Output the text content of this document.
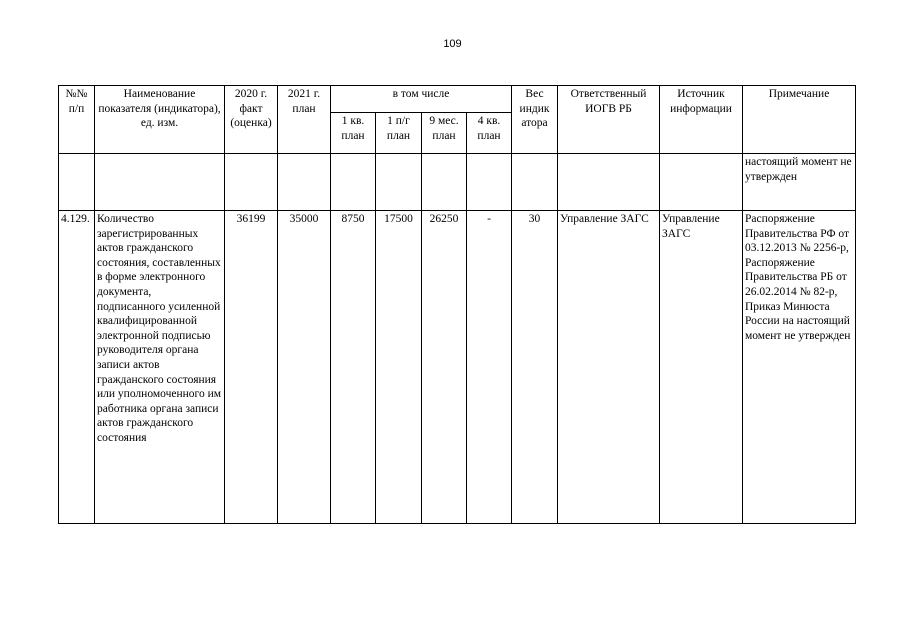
109
№№ п/п	Наименование показателя (индикатора), ед. изм.	2020 г. факт (оценка)	2021 г. план	в том числе				Вес индик атора	Ответственный ИОГВ РБ	Источник информации	Примечание
				1 кв. план	1 п/г план	9 мес. план	4 кв. план				
											настоящий момент не утвержден
4.129.	Количество зарегистрированных актов гражданского состояния, составленных в форме электронного документа, подписанного усиленной квалифицированной электронной подписью руководителя органа записи актов гражданского состояния или уполномоченного им работника органа записи актов гражданского состояния	36199	35000	8750	17500	26250	-	30	Управление ЗАГС	Управление ЗАГС	Распоряжение Правительства РФ от 03.12.2013 № 2256-р, Распоряжение Правительства РБ от 26.02.2014 № 82-р, Приказ Минюста России на настоящий момент не утвержден
